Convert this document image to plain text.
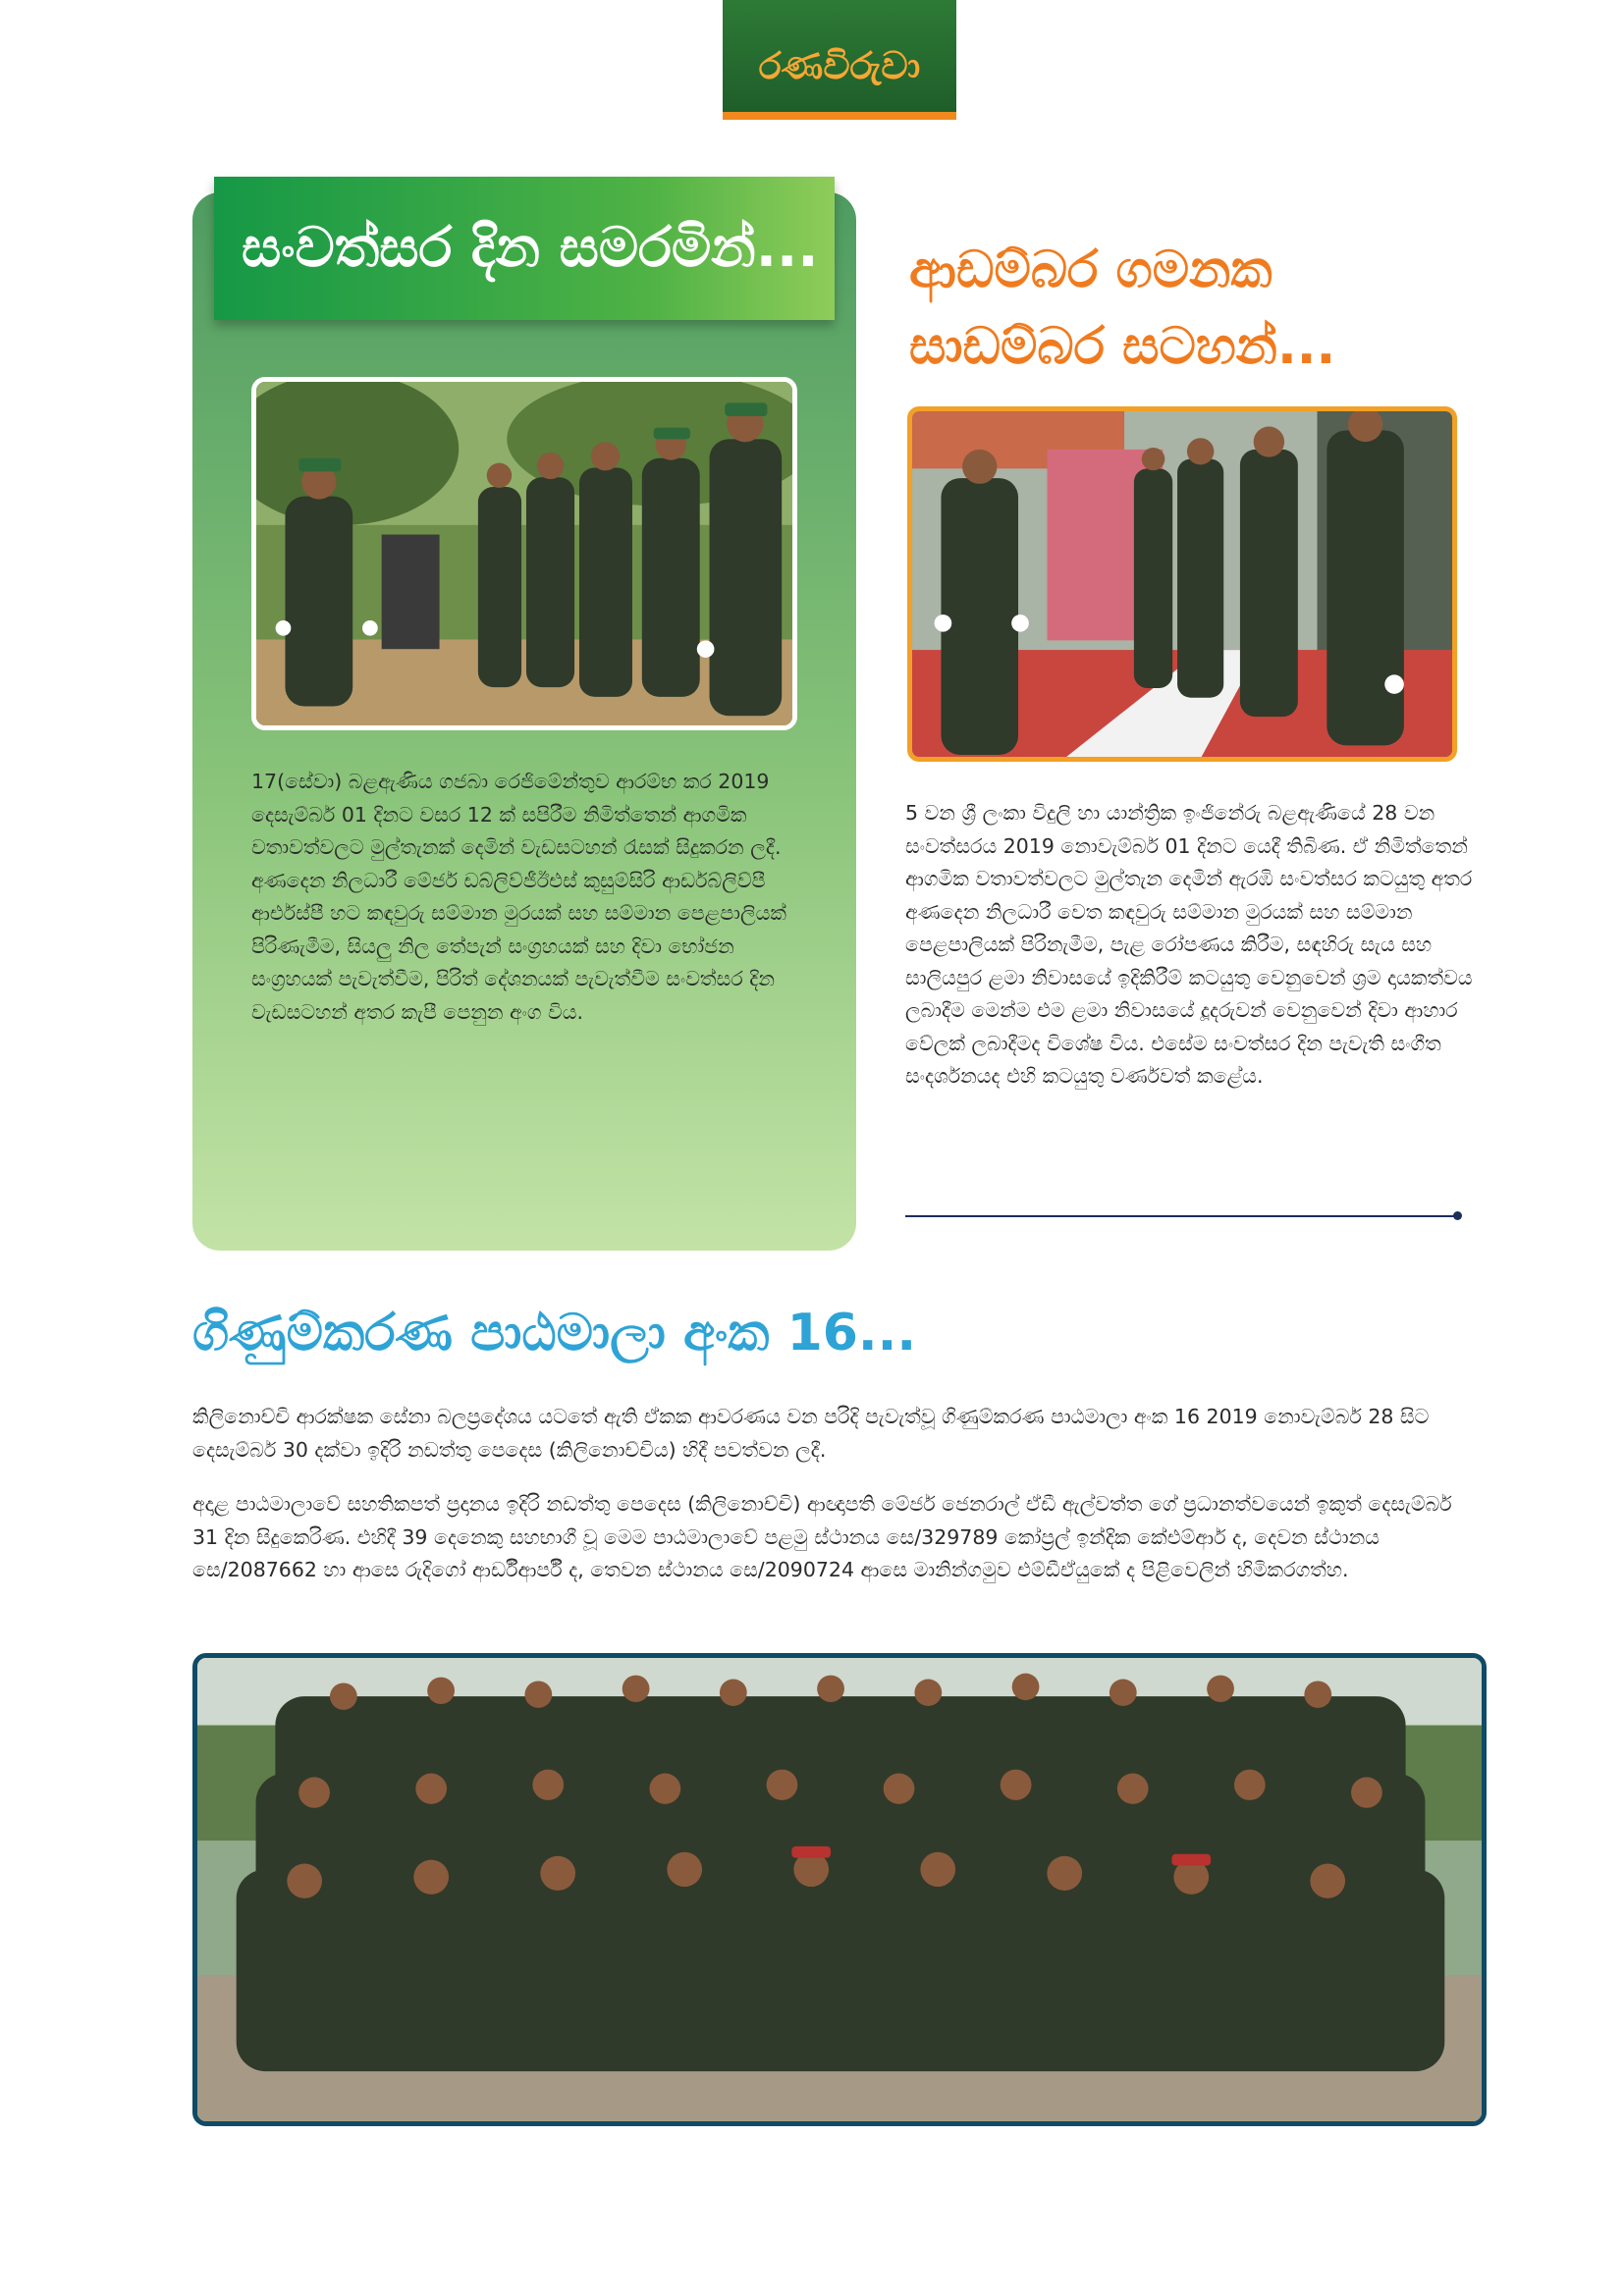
රණවිරුවා
සංවත්සර දින සමරමින්...
17(සේවා) බළඇණිය ගජබා රෙජිමේන්තුව ආරම්භ කර 2019 දෙසැම්බර් 01 දිනට වසර 12 ක් සපිරීම නිමිත්තෙන් ආගමික වතාවත්වලට මුල්තැනක් දෙමින් වැඩසටහන් රැසක් සිදුකරන ලදී. අණදෙන නිලධාරී මේජර් ඩබ්ලිව්ජීඊඑස් කුසුම්සිරි ආර්ඩබ්ලිව්පී ආර්එස්පී හට කඳවුරු සම්මාන මුරයක් සහ සම්මාන පෙළපාලියක් පිරිණැමීම, සියලු නිල තේපැන් සංග්‍රහයක් සහ දිවා භෝජන සංග්‍රහයක් පැවැත්වීම, පිරිත් දේශනයක් පැවැත්වීම සංවත්සර දින වැඩසටහන් අතර කැපී පෙනුන අංග විය.
ආඩම්බර ගමනක සාඩම්බර සටහන්...
5 වන ශ්‍රී ලංකා විදුලි හා යාන්ත්‍රික ඉංජිනේරු බළඇණියේ 28 වන සංවත්සරය 2019 නොවැම්බර් 01 දිනට යෙදී තිබිණ. ඒ නිමිත්තෙන් ආගමික වතාවත්වලට මුල්තැන දෙමින් ඇරඹි සංවත්සර කටයුතු අතර අණදෙන නිලධාරී වෙත කඳවුරු සම්මාන මුරයක් සහ සම්මාන පෙළපාලියක් පිරිනැමීම, පැළ රෝපණය කිරීම, සඳහිරු සැය සහ සාලියපුර ළමා නිවාසයේ ඉදිකිරීම් කටයුතු වෙනුවෙන් ශ්‍රම දායකත්වය ලබාදීම මෙන්ම එම ළමා නිවාසයේ දූදරුවන් වෙනුවෙන් දිවා ආහාර වේලක් ලබාදීමද විශේෂ විය. එසේම සංවත්සර දින පැවැති සංගීත සංදර්ශනයද එහි කටයුතු වර්ණවත් කළේය.
ගිණුම්කරණ පාඨමාලා අංක 16...
කිලිනොච්චි ආරක්ෂක සේනා බලප්‍රදේශය යටතේ ඇති ඒකක ආවරණය වන පරිදි පැවැත්වූ ගිණුම්කරණ පාඨමාලා අංක 16 2019 නොවැම්බර් 28 සිට දෙසැම්බර් 30 දක්වා ඉදිරි නඩත්තු පෙදෙස (කිලිනොච්චිය) හිදී පවත්වන ලදී.
අදාළ පාඨමාලාවේ සහතිකපත් ප්‍රදානය ඉදිරි නඩත්තු පෙදෙස (කිලිනොච්චි) ආඥාපති මේජර් ජෙනරාල් ඒඩී ඇල්වත්ත ගේ ප්‍රධානත්වයෙන් ඉකුත් දෙසැම්බර් 31 දින සිදුකෙරිණ. එහිදී 39 දෙනෙකු සහභාගී වූ මෙම පාඨමාලාවේ පළමු ස්ථානය සෙ/329789 කෝප්‍රල් ඉන්දික කේඑම්ආර් ද, දෙවන ස්ථානය සෙ/2087662 හා ආසෙ රුදිගෝ ආර්ඩීආර්පී ද, තෙවන ස්ථානය සෙ/2090724 ආසෙ මානින්ගමුව එම්ඩීඒයුකේ ද පිළිවෙලින් හිමිකරගත්හ.
